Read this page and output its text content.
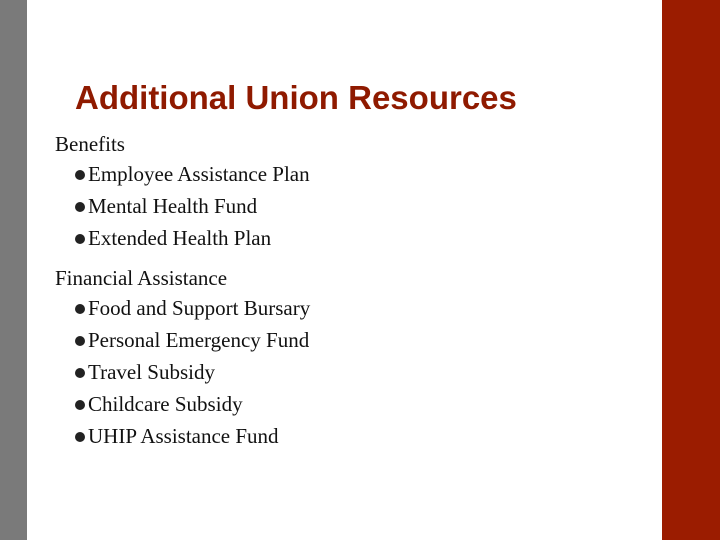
Additional Union Resources
Benefits
Employee Assistance Plan
Mental Health Fund
Extended Health Plan
Financial Assistance
Food and Support Bursary
Personal Emergency Fund
Travel Subsidy
Childcare Subsidy
UHIP Assistance Fund
